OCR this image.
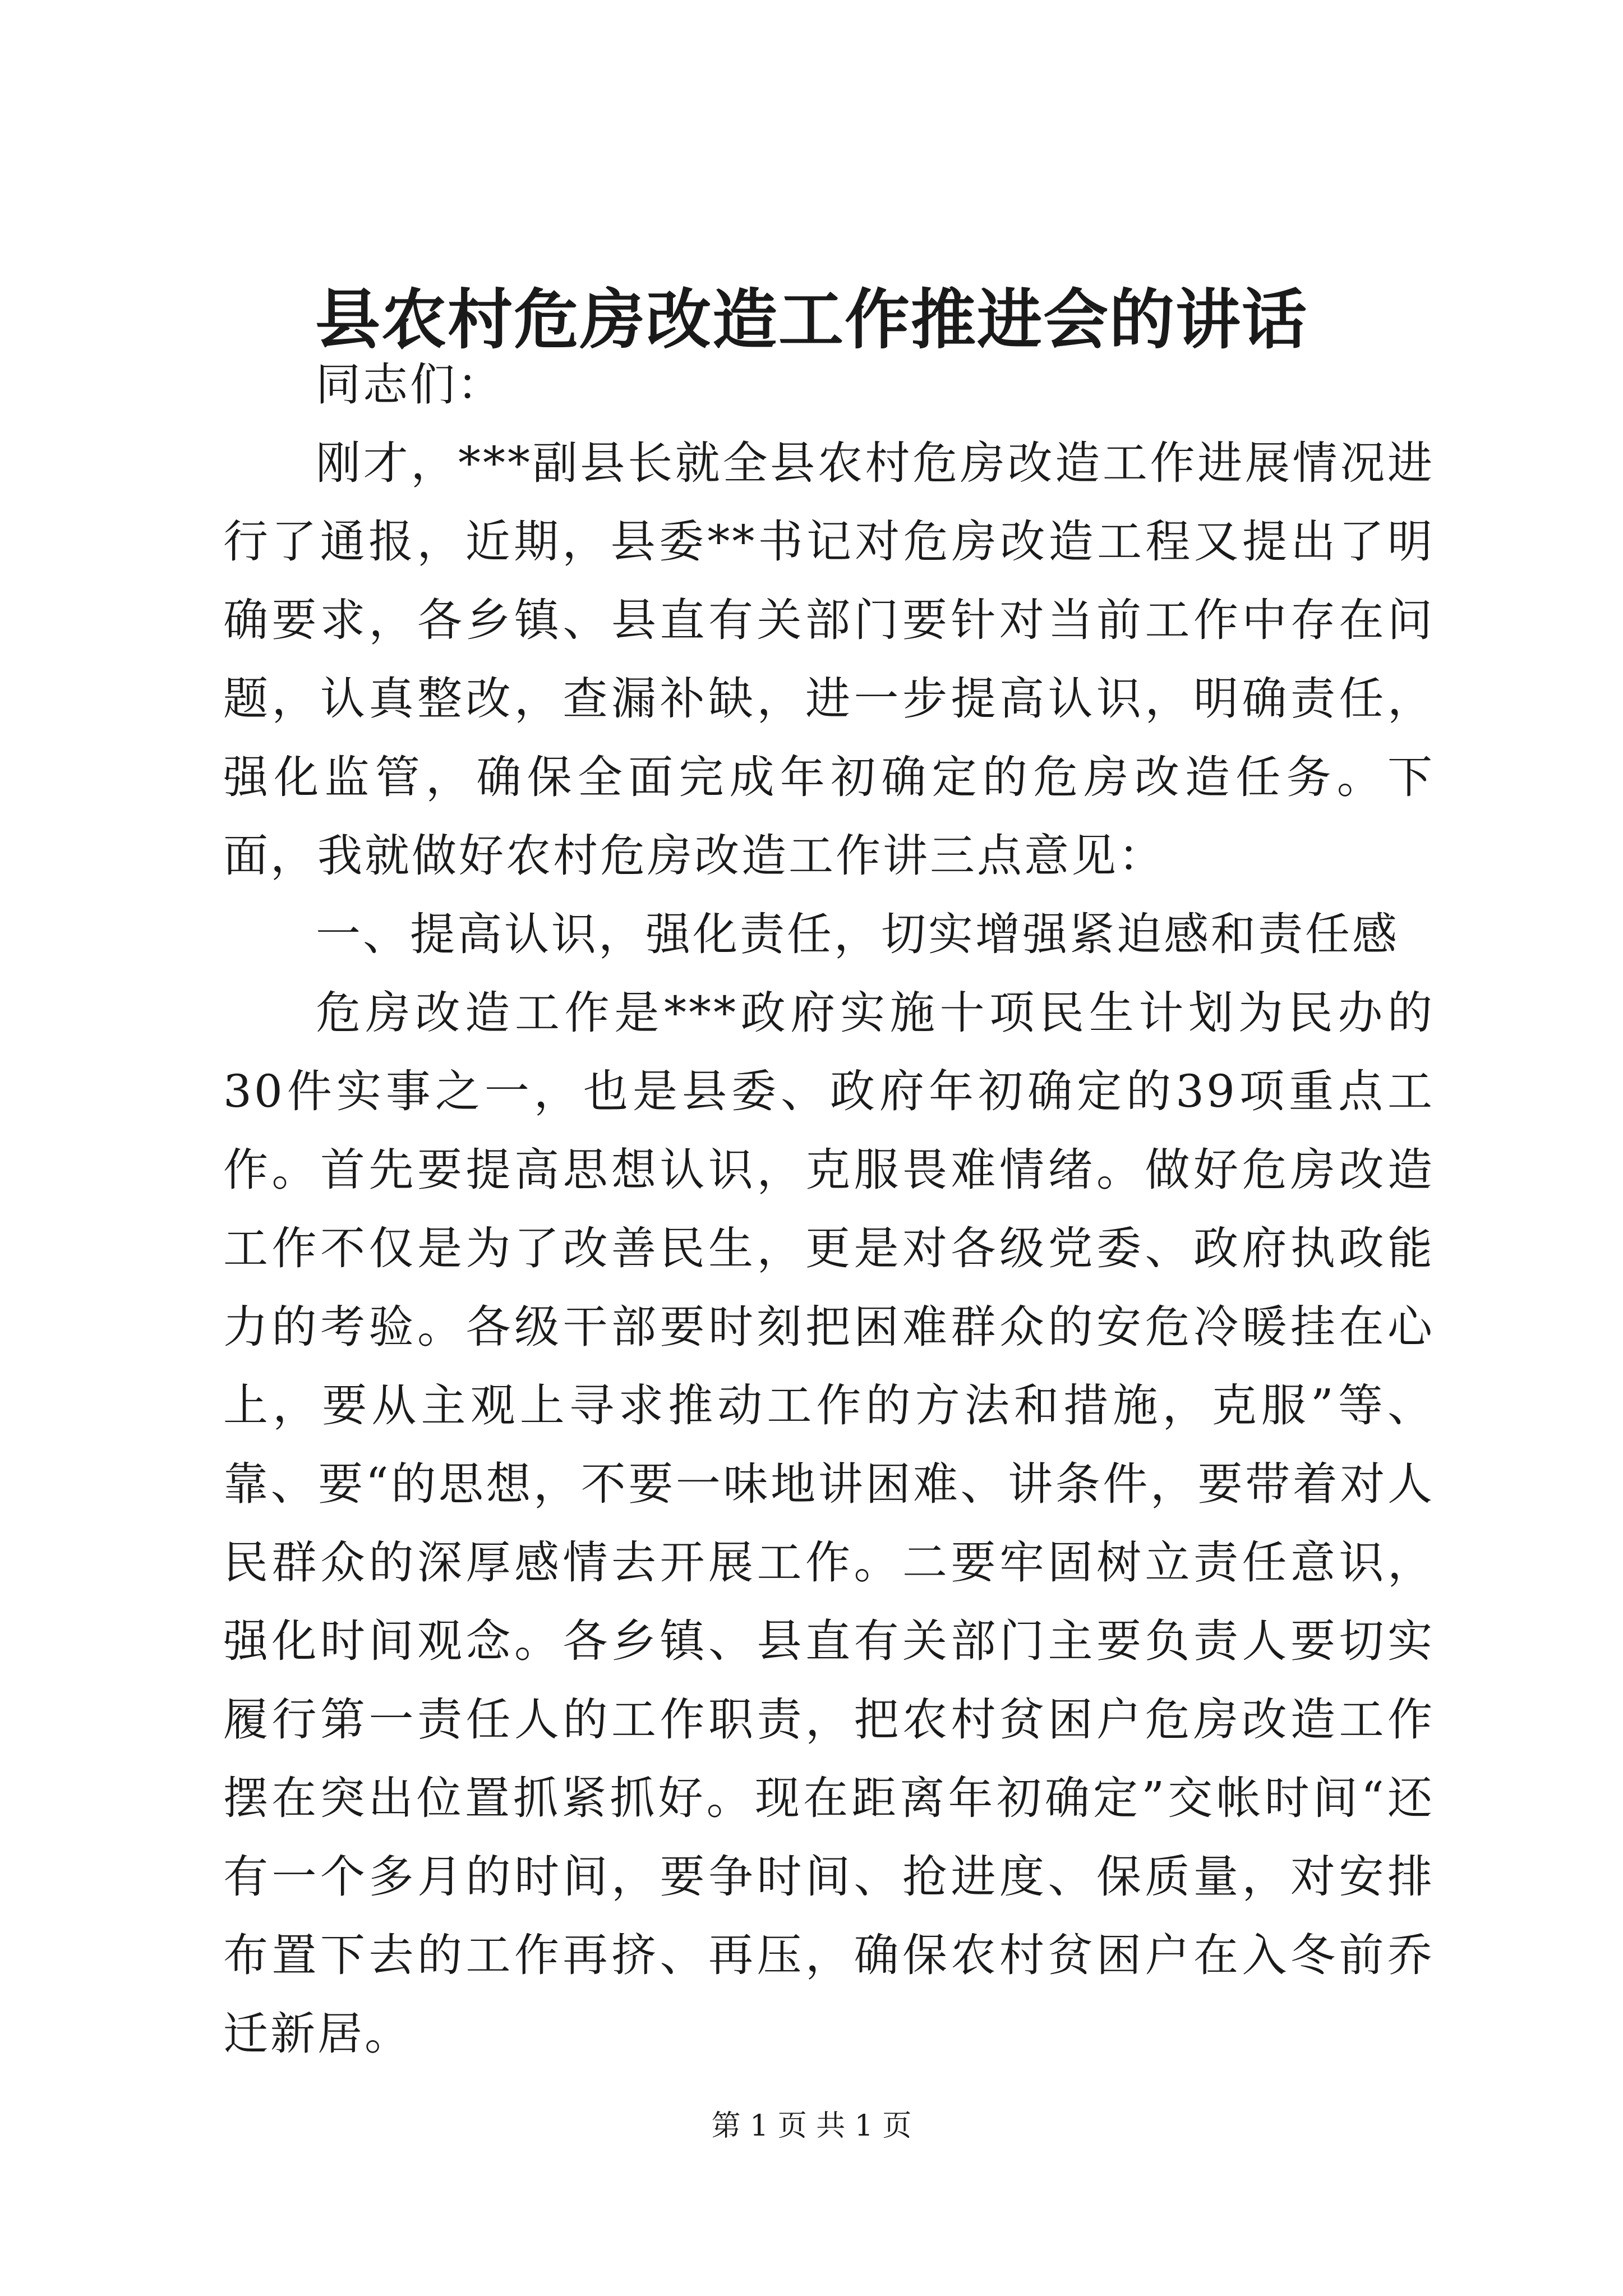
县农村危房改造工作推进会的讲话

同志们：

刚才，***副县长就全县农村危房改造工作进展情况进行了通报，近期，县委**书记对危房改造工程又提出了明确要求，各乡镇、县直有关部门要针对当前工作中存在问题，认真整改，查漏补缺，进一步提高认识，明确责任，强化监管，确保全面完成年初确定的危房改造任务。下面，我就做好农村危房改造工作讲三点意见：

一、提高认识，强化责任，切实增强紧迫感和责任感

危房改造工作是***政府实施十项民生计划为民办的30件实事之一，也是县委、政府年初确定的39项重点工作。首先要提高思想认识，克服畏难情绪。做好危房改造工作不仅是为了改善民生，更是对各级党委、政府执政能力的考验。各级干部要时刻把困难群众的安危冷暖挂在心上，要从主观上寻求推动工作的方法和措施，克服”等、靠、要“的思想，不要一味地讲困难、讲条件，要带着对人民群众的深厚感情去开展工作。二要牢固树立责任意识，强化时间观念。各乡镇、县直有关部门主要负责人要切实履行第一责任人的工作职责，把农村贫困户危房改造工作摆在突出位置抓紧抓好。现在距离年初确定”交帐时间“还有一个多月的时间，要争时间、抢进度、保质量，对安排布置下去的工作再挤、再压，确保农村贫困户在入冬前乔迁新居。

第 1 页 共 1 页
